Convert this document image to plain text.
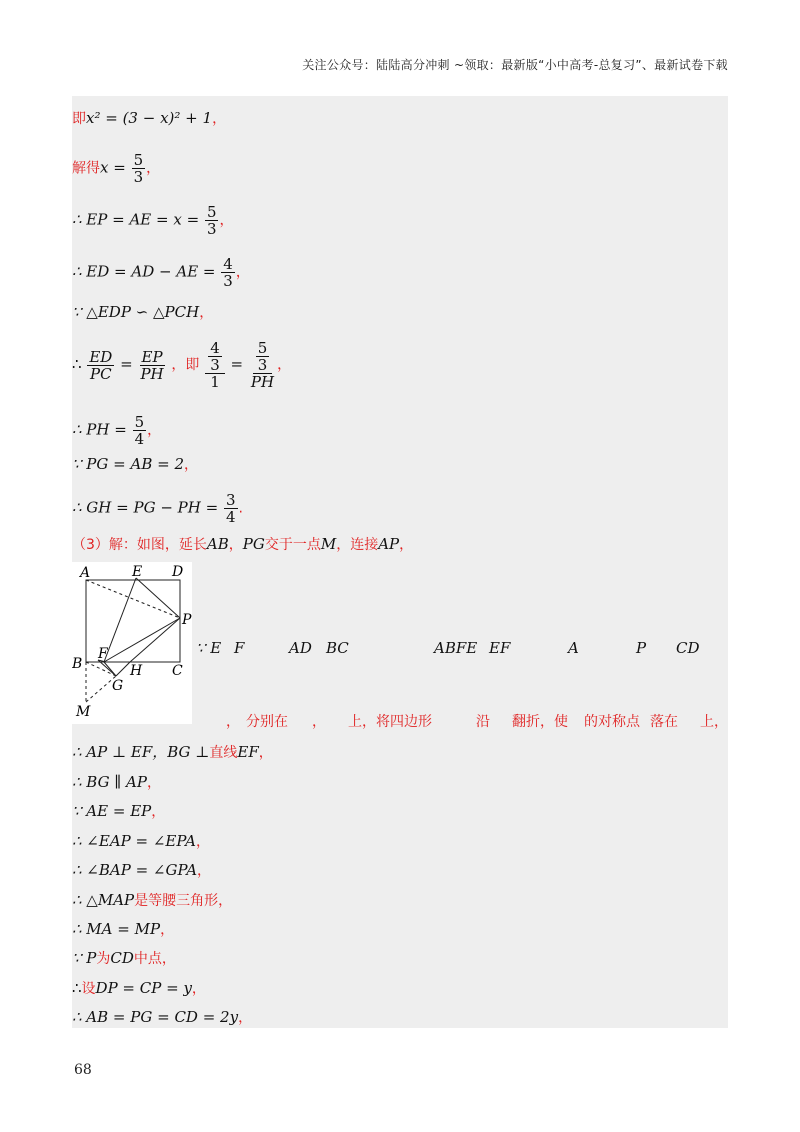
关注公众号：陆陆高分冲刺 ~领取：最新版“小中高考-总复习”、最新试卷下载
即x² = (3 − x)² + 1，
解得$x = \frac{5}{3}$ ，
∴ EP = AE = $x = \frac{5}{3}$ ，
∴ ED = AD − AE = $\frac{4}{3}$ ，
∵ △EDP ∽ △PCH，
∴ $\frac{ED}{PC} = \frac{EP}{PH}$ ，即 $\frac{\frac{4}{3}}{1} = \frac{\frac{5}{3}}{PH}$ ，
∴ PH = $\frac{5}{4}$ ，
∵ PG = AB = 2，
∴ GH = PG − PH = $\frac{3}{4}$ .
（3）解：如图，延长AB，PG交于一点M，连接AP，
A	E D
P
B
F
H C
G
M
∵ E F	AD BC	ABFE EF	A	P CD
， 分别在 ， 上，将四边形	沿 翻折，使 的对称点 落在 上，
∴ AP ⊥ EF，BG ⊥直线EF，
∴ BG ∥ AP，
∵ AE = EP，
∴ ∠EAP = ∠EPA，
∴ ∠BAP = ∠GPA，
∴ △MAP是等腰三角形，
∴ MA = MP，
∵ P为CD中点，
∴设DP = CP = y，
∴ AB = PG = CD = 2y，
68
